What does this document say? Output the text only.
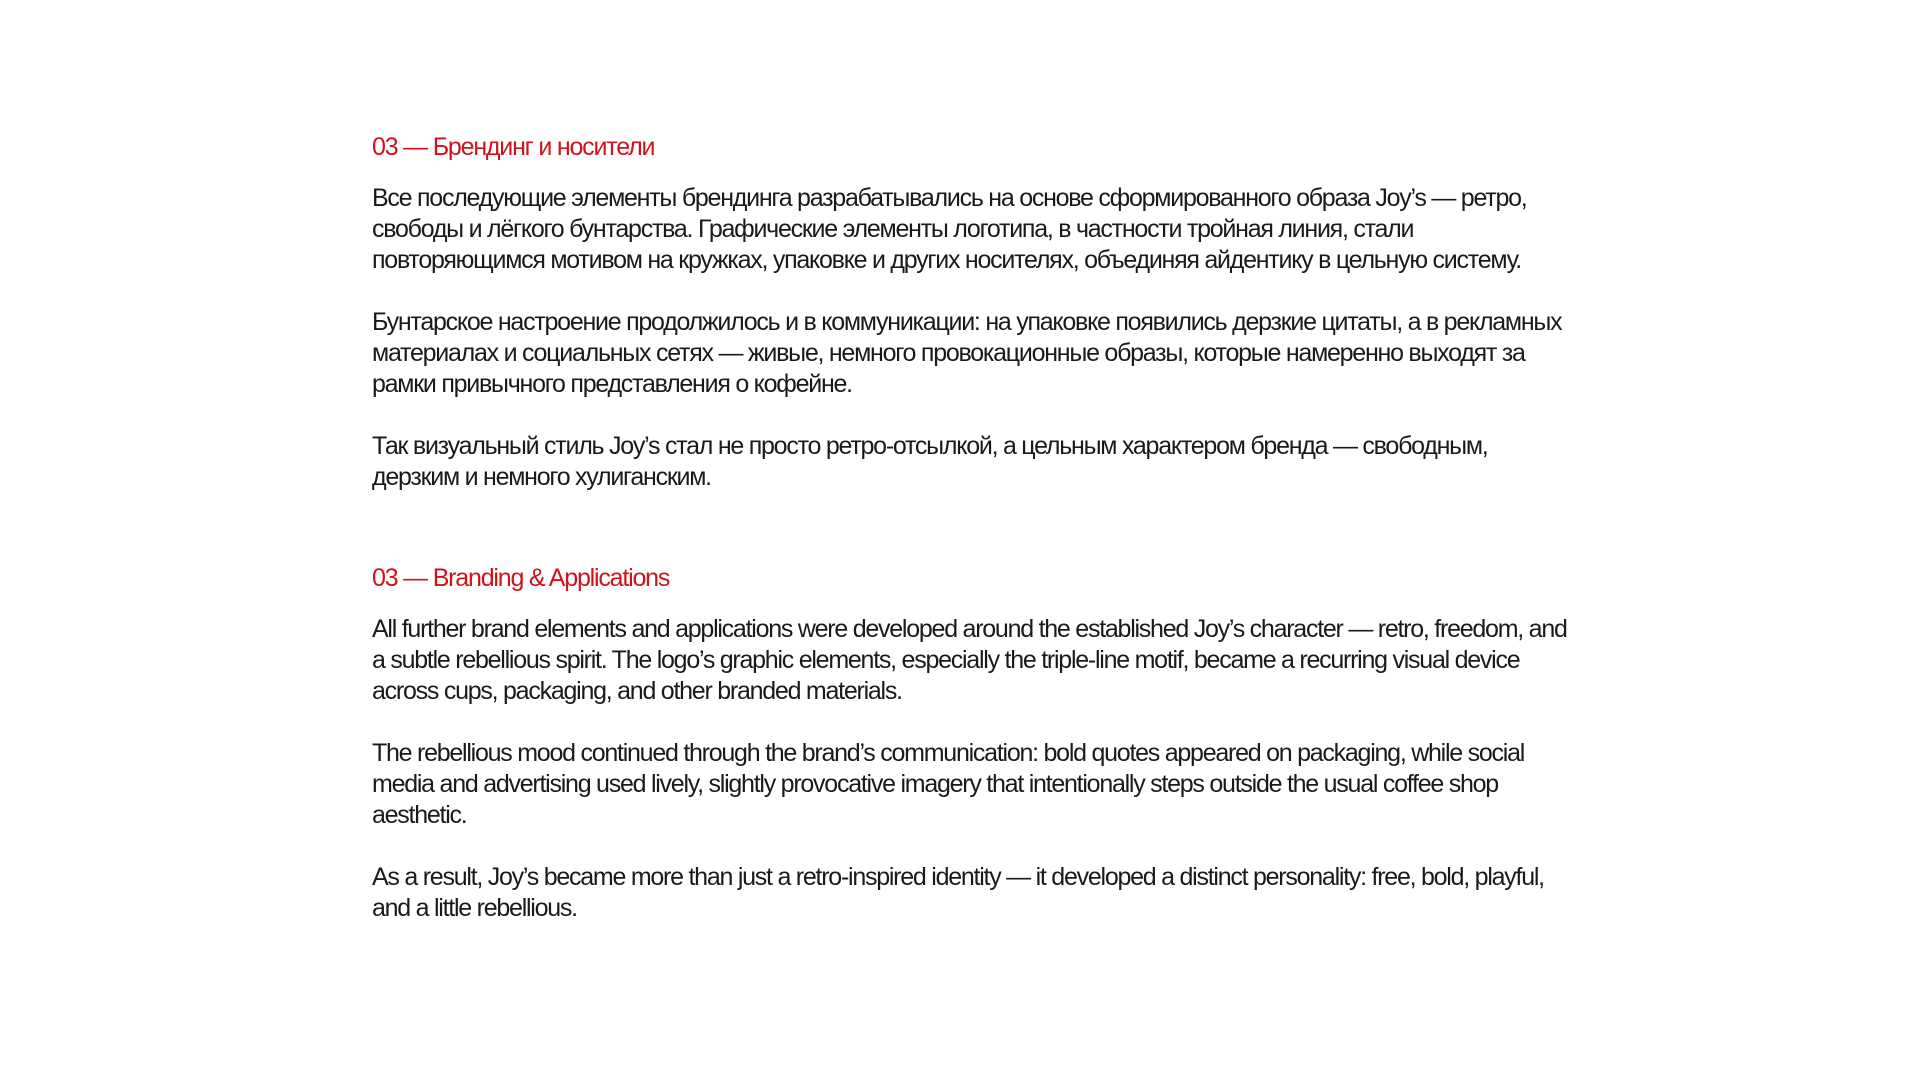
03 — Брендинг и носители

Все последующие элементы брендинга разрабатывались на основе сформированного образа Joy’s — ретро, свободы и лёгкого бунтарства. Графические элементы логотипа, в частности тройная линия, стали повторяющимся мотивом на кружках, упаковке и других носителях, объединяя айдентику в цельную систему.

Бунтарское настроение продолжилось и в коммуникации: на упаковке появились дерзкие цитаты, а в рекламных материалах и социальных сетях — живые, немного провокационные образы, которые намеренно выходят за рамки привычного представления о кофейне.

Так визуальный стиль Joy’s стал не просто ретро-отсылкой, а цельным характером бренда — свободным, дерзким и немного хулиганским.

03 — Branding & Applications

All further brand elements and applications were developed around the established Joy’s character — retro, freedom, and a subtle rebellious spirit. The logo’s graphic elements, especially the triple-line motif, became a recurring visual device across cups, packaging, and other branded materials.

The rebellious mood continued through the brand’s communication: bold quotes appeared on packaging, while social media and advertising used lively, slightly provocative imagery that intentionally steps outside the usual coffee shop aesthetic.

As a result, Joy’s became more than just a retro-inspired identity — it developed a distinct personality: free, bold, playful, and a little rebellious.
